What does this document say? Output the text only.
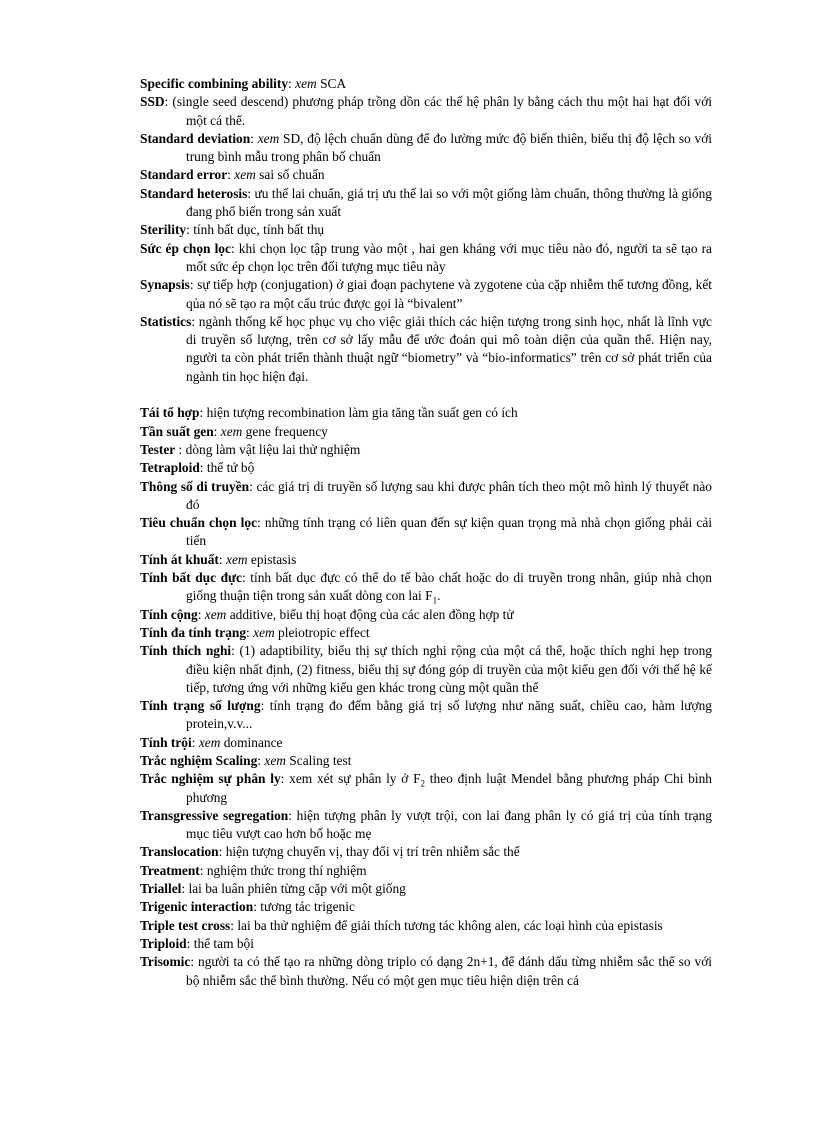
Specific combining ability: xem SCA
SSD: (single seed descend) phương pháp trồng dồn các thế hệ phân ly bằng cách thu một hai hạt đối với một cá thể.
Standard deviation: xem SD, độ lệch chuẩn dùng để đo lường mức độ biến thiên, biểu thị độ lệch so với trung bình mẫu trong phân bố chuẩn
Standard error: xem sai số chuẩn
Standard heterosis: ưu thế lai chuẩn, giá trị ưu thế lai so với một giống làm chuẩn, thông thường là giống đang phổ biến trong sản xuất
Sterility: tính bất dục, tính bất thụ
Sức ép chọn lọc: khi chọn lọc tập trung vào một , hai gen kháng với mục tiêu nào đó, người ta sẽ tạo ra mốt sức ép chọn lọc trên đối tượng mục tiêu này
Synapsis: sự tiếp hợp (conjugation) ở giai đoạn pachytene và zygotene của cặp nhiễm thể tương đồng, kết qủa nó sẽ tạo ra một cấu trúc được gọi là “bivalent”
Statistics: ngành thống kế học phục vụ cho việc giải thích các hiện tượng trong sinh học, nhất là lĩnh vực di truyền số lượng, trên cơ sở lấy mẫu để ước đoán qui mô toàn diện của quần thể. Hiện nay, người ta còn phát triển thành thuật ngữ “biometry” và “bio-informatics” trên cơ sở phát triển của ngành tin học hiện đại.
Tái tổ hợp: hiện tượng recombination làm gia tăng tần suất gen có ích
Tần suất gen: xem gene frequency
Tester : dòng làm vật liệu lai thử nghiệm
Tetraploid: thể tứ bộ
Thông số di truyền: các giá trị di truyền số lượng sau khi được phân tích theo một mô hình lý thuyết nào đó
Tiêu chuẩn chọn lọc: những tính trạng có liên quan đến sự kiện quan trọng mà nhà chọn giống phải cải tiến
Tính át khuất: xem epistasis
Tính bất dục đực: tính bất dục đực có thể do tế bào chất hoặc do di truyền trong nhân, giúp nhà chọn giống thuận tiện trong sản xuất dòng con lai $F_1$.
Tính cộng: xem additive, biểu thị hoạt động của các alen đồng hợp tử
Tính đa tính trạng: xem pleiotropic effect
Tính thích nghi: (1) adaptibility, biểu thị sự thích nghi rộng của một cá thể, hoặc thích nghi hẹp trong điều kiện nhất định, (2) fitness, biểu thị sự đóng góp di truyền của một kiểu gen đối với thế hệ kế tiếp, tương ứng với những kiểu gen khác trong cùng một quần thể
Tính trạng số lượng: tính trạng đo đếm bằng giá trị số lượng như năng suất, chiều cao, hàm lượng protein,v.v...
Tính trội: xem dominance
Trắc nghiệm Scaling: xem Scaling test
Trắc nghiệm sự phân ly: xem xét sự phân ly ở $F_2$ theo định luật Mendel bằng phương pháp Chi bình phương
Transgressive segregation: hiện tượng phân ly vượt trội, con lai đang phân ly có giá trị của tính trạng mục tiêu vượt cao hơn bố hoặc mẹ
Translocation: hiện tượng chuyển vị, thay đổi vị trí trên nhiễm sắc thể
Treatment: nghiệm thức trong thí nghiệm
Triallel: lai ba luân phiên từng cặp với một giống
Trigenic interaction: tương tác trigenic
Triple test cross: lai ba thử nghiệm để giải thích tương tác không alen, các loại hình của epistasis
Triploid: thể tam bội
Trisomic: người ta có thể tạo ra những dòng triplo có dạng 2n+1, để đánh dấu từng nhiễm sắc thể so với bộ nhiễm sắc thể bình thường. Nếu có một gen mục tiêu hiện diện trên cá
